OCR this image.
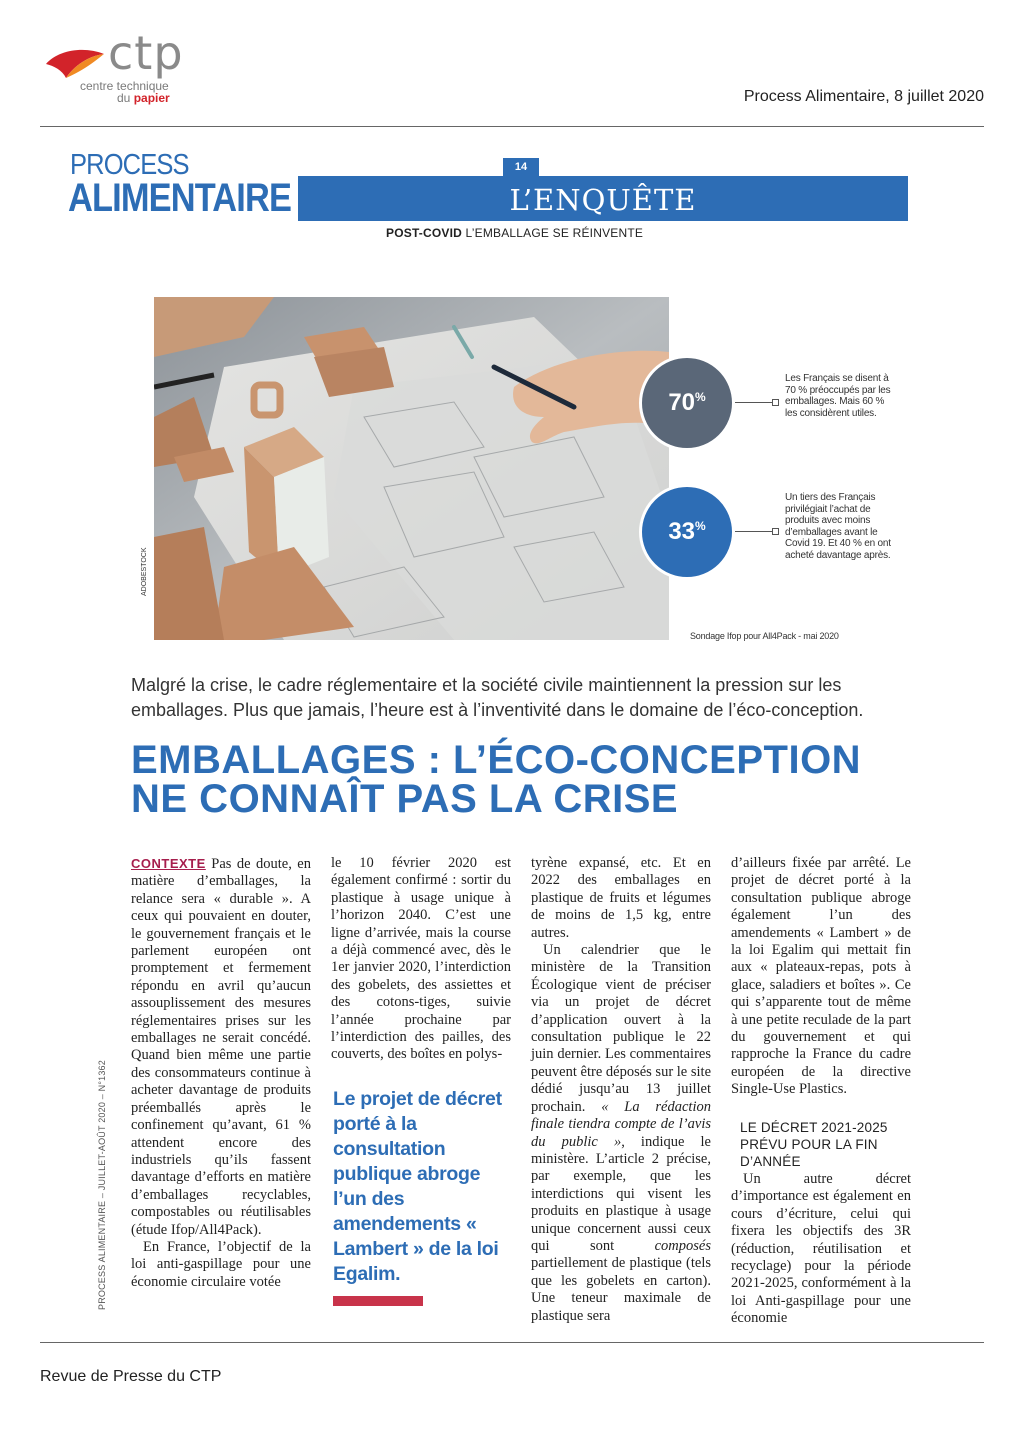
ctp
centre technique
du papier	Process Alimentaire, 8 juillet 2020
PROCESS
ALIMENTAIRE
14
L’ENQUÊTE
POST-COVID L’EMBALLAGE SE RÉINVENTE
ADOBESTOCK
70%
Les Français se disent à 70 % préoccupés par les emballages. Mais 60 % les considèrent utiles.
33%
Un tiers des Français privilégiait l’achat de produits avec moins d’emballages avant le Covid 19. Et 40 % en ont acheté davantage après.
Sondage Ifop pour All4Pack - mai 2020
Malgré la crise, le cadre réglementaire et la société civile maintiennent la pression sur les emballages. Plus que jamais, l’heure est à l’inventivité dans le domaine de l’éco-conception.
EMBALLAGES : L’ÉCO-CONCEPTION
NE CONNAÎT PAS LA CRISE

CONTEXTE Pas de doute, en matière d’emballages, la relance sera « durable ». A ceux qui pouvaient en douter, le gouvernement français et le parlement européen ont promptement et fermement répondu en avril qu’aucun assouplissement des mesures réglementaires prises sur les emballages ne serait concédé. Quand bien même une partie des consommateurs continue à acheter davantage de produits préemballés après le confinement qu’avant, 61 % attendent encore des industriels qu’ils fassent davantage d’efforts en matière d’emballages recyclables, compostables ou réutilisables (étude Ifop/All4Pack).

En France, l’objectif de la loi anti-gaspillage pour une économie circulaire votée

le 10 février 2020 est également confirmé : sortir du plastique à usage unique à l’horizon 2040. C’est une ligne d’arrivée, mais la course a déjà commencé avec, dès le 1er janvier 2020, l’interdiction des gobelets, des assiettes et des cotons-tiges, suivie l’année prochaine par l’interdiction des pailles, des couverts, des boîtes en polys-

Le projet de décret porté à la consultation publique abroge l’un des amendements « Lambert » de la loi Egalim.

tyrène expansé, etc. Et en 2022 des emballages en plastique de fruits et légumes de moins de 1,5 kg, entre autres.

Un calendrier que le ministère de la Transition Écologique vient de préciser via un projet de décret d’application ouvert à la consultation publique le 22 juin dernier. Les commentaires peuvent être déposés sur le site dédié jusqu’au 13 juillet prochain. « La rédaction finale tiendra compte de l’avis du public », indique le ministère. L’article 2 précise, par exemple, que les interdictions qui visent les produits en plastique à usage unique concernent aussi ceux qui sont composés partiellement de plastique (tels que les gobelets en carton). Une teneur maximale de plastique sera

d’ailleurs fixée par arrêté. Le projet de décret porté à la consultation publique abroge également l’un des amendements « Lambert » de la loi Egalim qui mettait fin aux « plateaux-repas, pots à glace, saladiers et boîtes ». Ce qui s’apparente tout de même à une petite reculade de la part du gouvernement et qui rapproche la France du cadre européen de la directive Single-Use Plastics.

LE DÉCRET 2021-2025 PRÉVU POUR LA FIN D’ANNÉE

Un autre décret d’importance est également en cours d’écriture, celui qui fixera les objectifs des 3R (réduction, réutilisation et recyclage) pour la période 2021-2025, conformément à la loi Anti-gaspillage pour une économie

PROCESS ALIMENTAIRE – JUILLET-AOÛT 2020 – N°1362
Revue de Presse du CTP
